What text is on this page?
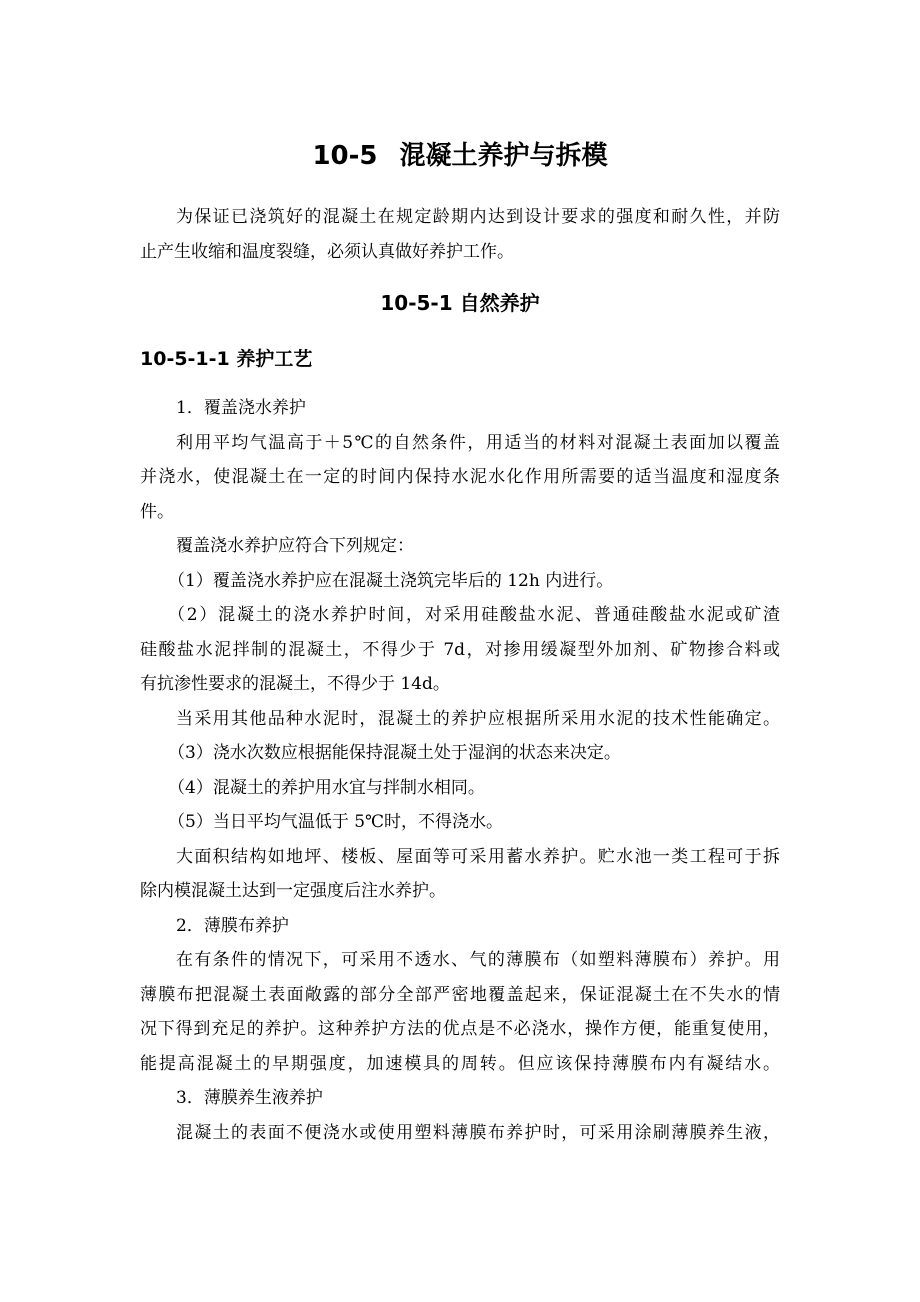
10-5 混凝土养护与拆模
为保证已浇筑好的混凝土在规定龄期内达到设计要求的强度和耐久性，并防
止产生收缩和温度裂缝，必须认真做好养护工作。
10-5-1 自然养护
10-5-1-1 养护工艺
1．覆盖浇水养护
利用平均气温高于＋5℃的自然条件，用适当的材料对混凝土表面加以覆盖
并浇水，使混凝土在一定的时间内保持水泥水化作用所需要的适当温度和湿度条
件。
覆盖浇水养护应符合下列规定：
（1）覆盖浇水养护应在混凝土浇筑完毕后的 12h 内进行。
（2）混凝土的浇水养护时间，对采用硅酸盐水泥、普通硅酸盐水泥或矿渣
硅酸盐水泥拌制的混凝土，不得少于 7d，对掺用缓凝型外加剂、矿物掺合料或
有抗渗性要求的混凝土，不得少于 14d。
当采用其他品种水泥时，混凝土的养护应根据所采用水泥的技术性能确定。
（3）浇水次数应根据能保持混凝土处于湿润的状态来决定。
（4）混凝土的养护用水宜与拌制水相同。
（5）当日平均气温低于 5℃时，不得浇水。
大面积结构如地坪、楼板、屋面等可采用蓄水养护。贮水池一类工程可于拆
除内模混凝土达到一定强度后注水养护。
2．薄膜布养护
在有条件的情况下，可采用不透水、气的薄膜布（如塑料薄膜布）养护。用
薄膜布把混凝土表面敞露的部分全部严密地覆盖起来，保证混凝土在不失水的情
况下得到充足的养护。这种养护方法的优点是不必浇水，操作方便，能重复使用，
能提高混凝土的早期强度，加速模具的周转。但应该保持薄膜布内有凝结水。
3．薄膜养生液养护
混凝土的表面不便浇水或使用塑料薄膜布养护时，可采用涂刷薄膜养生液，
